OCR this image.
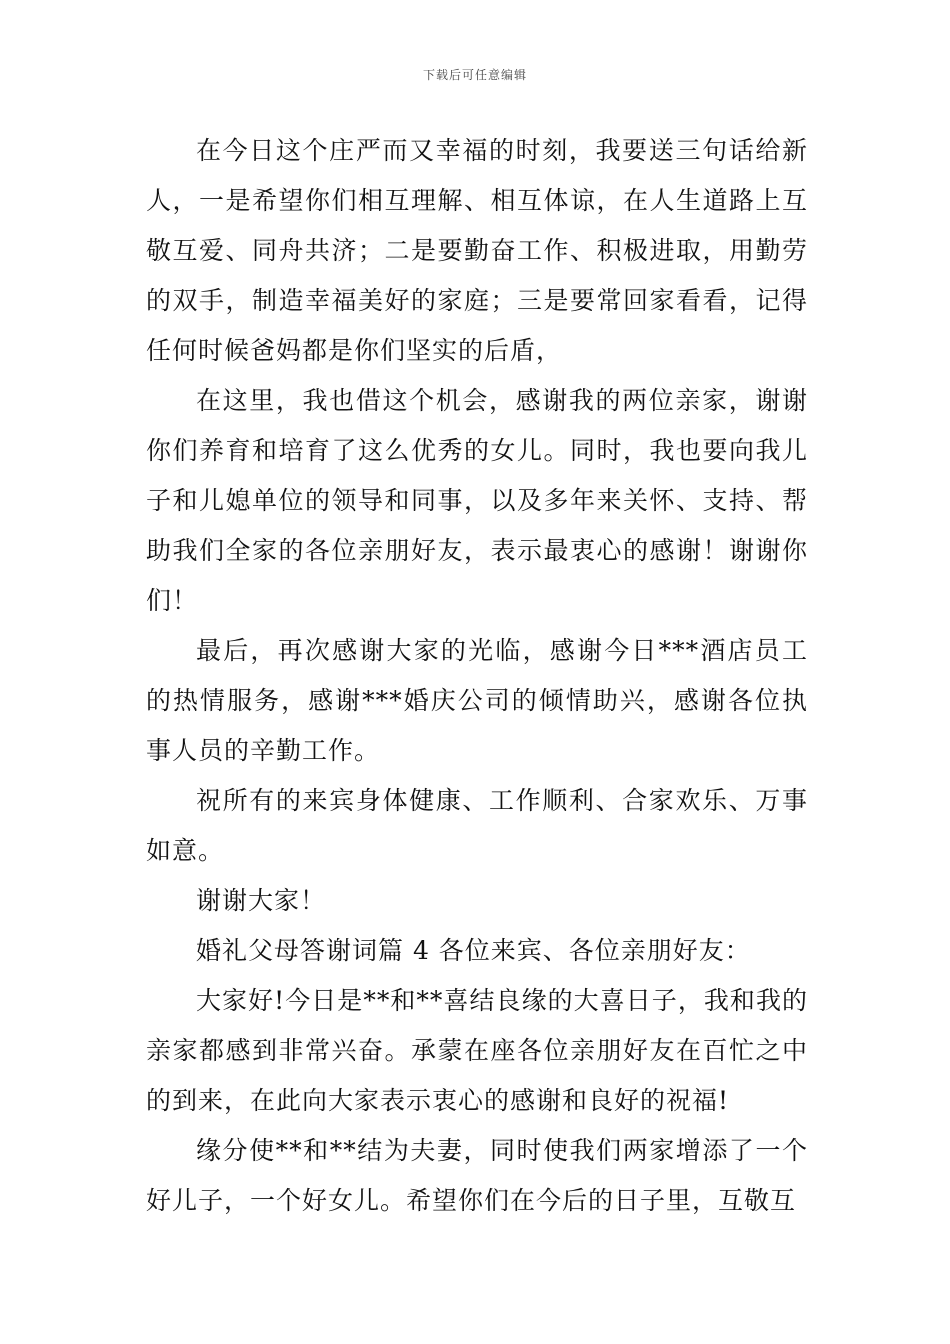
下载后可任意编辑

在今日这个庄严而又幸福的时刻，我要送三句话给新人，一是希望你们相互理解、相互体谅，在人生道路上互敬互爱、同舟共济；二是要勤奋工作、积极进取，用勤劳的双手，制造幸福美好的家庭；三是要常回家看看，记得任何时候爸妈都是你们坚实的后盾，

在这里，我也借这个机会，感谢我的两位亲家，谢谢你们养育和培育了这么优秀的女儿。同时，我也要向我儿子和儿媳单位的领导和同事，以及多年来关怀、支持、帮助我们全家的各位亲朋好友，表示最衷心的感谢！谢谢你们！

最后，再次感谢大家的光临，感谢今日***酒店员工的热情服务，感谢***婚庆公司的倾情助兴，感谢各位执事人员的辛勤工作。

祝所有的来宾身体健康、工作顺利、合家欢乐、万事如意。

谢谢大家！

婚礼父母答谢词篇 4 各位来宾、各位亲朋好友：

大家好!今日是**和**喜结良缘的大喜日子，我和我的亲家都感到非常兴奋。承蒙在座各位亲朋好友在百忙之中的到来，在此向大家表示衷心的感谢和良好的祝福!

缘分使**和**结为夫妻，同时使我们两家增添了一个好儿子，一个好女儿。希望你们在今后的日子里，互敬互
